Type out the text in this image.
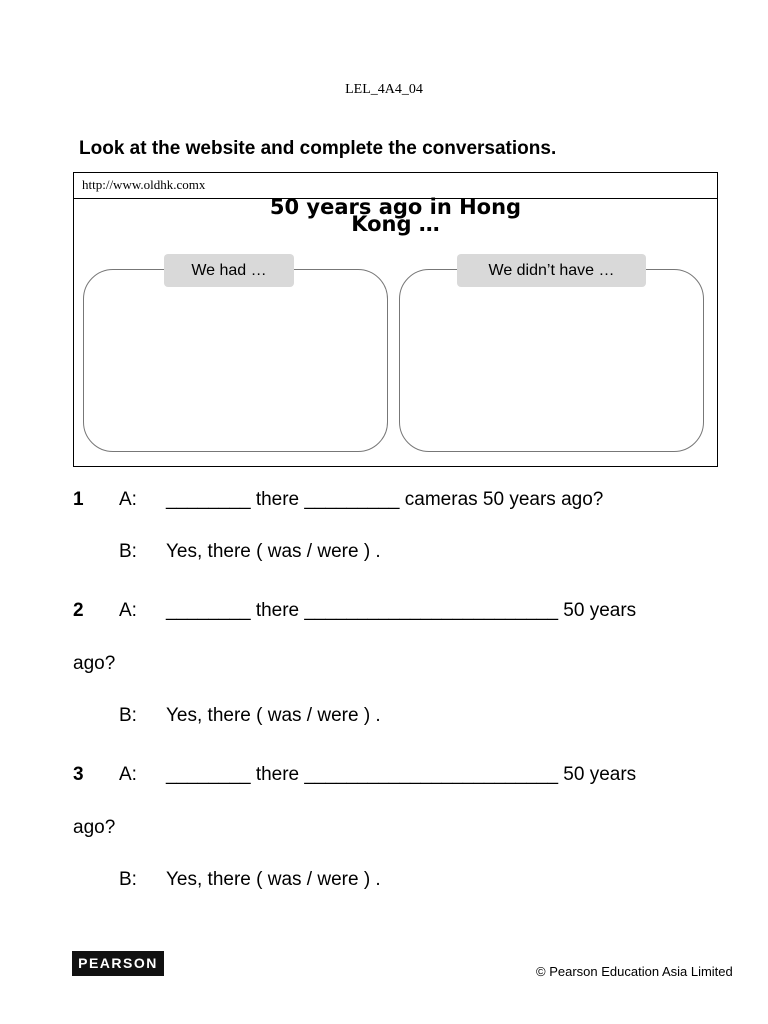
LEL_4A4_04
Look at the website and complete the conversations.
http://www.oldhk.comx
50 years ago in Hong
Kong …
We had …	We didn’t have …
1 A: ________ there _________ cameras 50 years ago?
B: Yes, there ( was / were ) .
2 A: ________ there ________________________ 50 years
ago?
B: Yes, there ( was / were ) .
3 A: ________ there ________________________ 50 years
ago?
B: Yes, there ( was / were ) .
PEARSON
© Pearson Education Asia Limited
